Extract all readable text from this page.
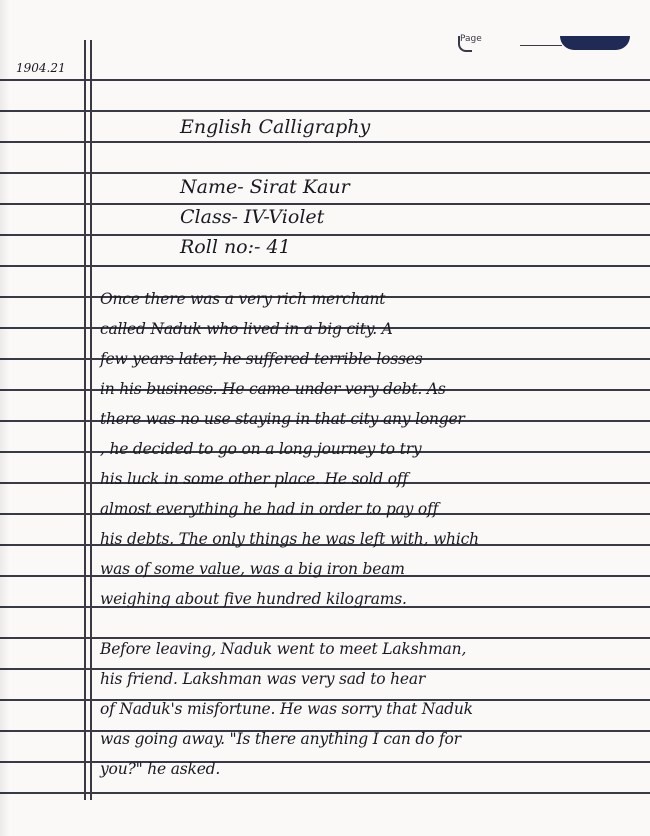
Page
1904.21
English Calligraphy
Name- Sirat Kaur
Class- IV-Violet
Roll no:- 41
Once there was a very rich merchant
called Naduk who lived in a big city. A
few years later, he suffered terrible losses
in his business. He came under very debt. As
there was no use staying in that city any longer
, he decided to go on a long journey to try
his luck in some other place. He sold off
almost everything he had in order to pay off
his debts. The only things he was left with, which
was of some value, was a big iron beam
weighing about five hundred kilograms.
Before leaving, Naduk went to meet Lakshman,
his friend. Lakshman was very sad to hear
of Naduk's misfortune. He was sorry that Naduk
was going away. "Is there anything I can do for
you?" he asked.
